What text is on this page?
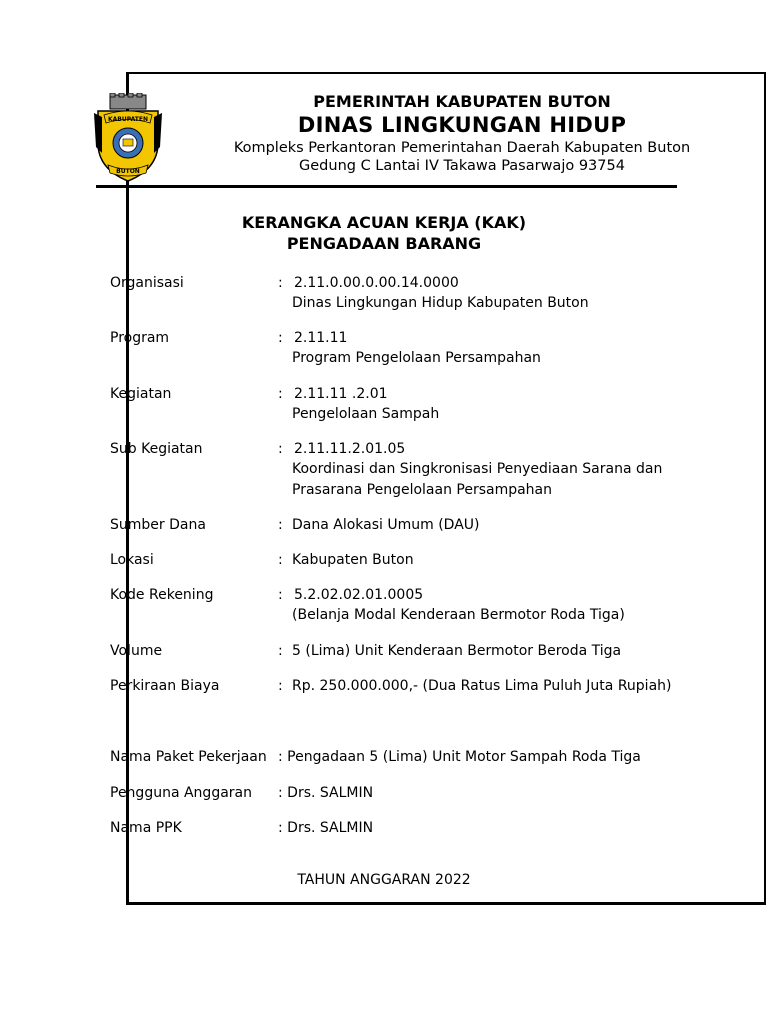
KABUPATEN
BUTON
PEMERINTAH KABUPATEN BUTON
DINAS LINGKUNGAN HIDUP
Kompleks Perkantoran Pemerintahan Daerah Kabupaten Buton
Gedung C Lantai IV Takawa Pasarwajo 93754
KERANGKA ACUAN KERJA (KAK)
PENGADAAN BARANG
Organisasi	: 2.11.0.00.0.00.14.0000
Dinas Lingkungan Hidup Kabupaten Buton
Program	: 2.11.11
Program Pengelolaan Persampahan
Kegiatan	: 2.11.11 .2.01
Pengelolaan Sampah
Sub Kegiatan	: 2.11.11.2.01.05
Koordinasi dan Singkronisasi Penyediaan Sarana dan
Prasarana Pengelolaan Persampahan
Sumber Dana	: Dana Alokasi Umum (DAU)
Lokasi	: Kabupaten Buton
Kode Rekening	: 5.2.02.02.01.0005
(Belanja Modal Kenderaan Bermotor Roda Tiga)
Volume	: 5 (Lima) Unit Kenderaan Bermotor Beroda Tiga
Perkiraan Biaya	: Rp. 250.000.000,- (Dua Ratus Lima Puluh Juta Rupiah)
Nama Paket Pekerjaan : Pengadaan 5 (Lima) Unit Motor Sampah Roda Tiga
Pengguna Anggaran : Drs. SALMIN
Nama PPK	: Drs. SALMIN
TAHUN ANGGARAN 2022
